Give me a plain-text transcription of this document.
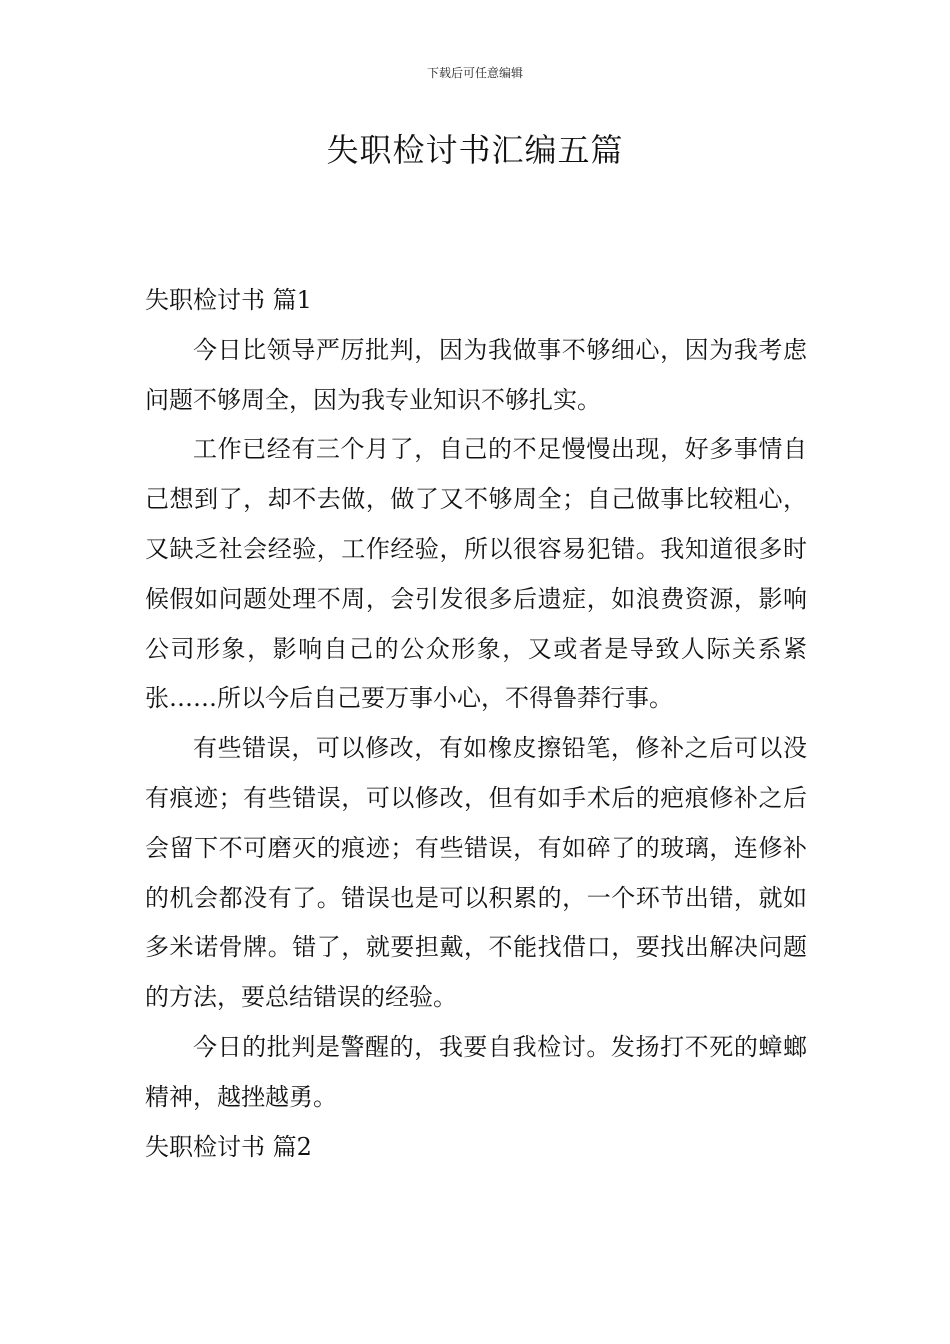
下载后可任意编辑
失职检讨书汇编五篇
失职检讨书 篇1

今日比领导严厉批判，因为我做事不够细心，因为我考虑问题不够周全，因为我专业知识不够扎实。

工作已经有三个月了，自己的不足慢慢出现，好多事情自己想到了，却不去做，做了又不够周全；自己做事比较粗心，又缺乏社会经验，工作经验，所以很容易犯错。我知道很多时候假如问题处理不周，会引发很多后遗症，如浪费资源，影响公司形象，影响自己的公众形象，又或者是导致人际关系紧张……所以今后自己要万事小心，不得鲁莽行事。

有些错误，可以修改，有如橡皮擦铅笔，修补之后可以没有痕迹；有些错误，可以修改，但有如手术后的疤痕修补之后会留下不可磨灭的痕迹；有些错误，有如碎了的玻璃，连修补的机会都没有了。错误也是可以积累的，一个环节出错，就如多米诺骨牌。错了，就要担戴，不能找借口，要找出解决问题的方法，要总结错误的经验。

今日的批判是警醒的，我要自我检讨。发扬打不死的蟑螂精神，越挫越勇。

失职检讨书 篇2
